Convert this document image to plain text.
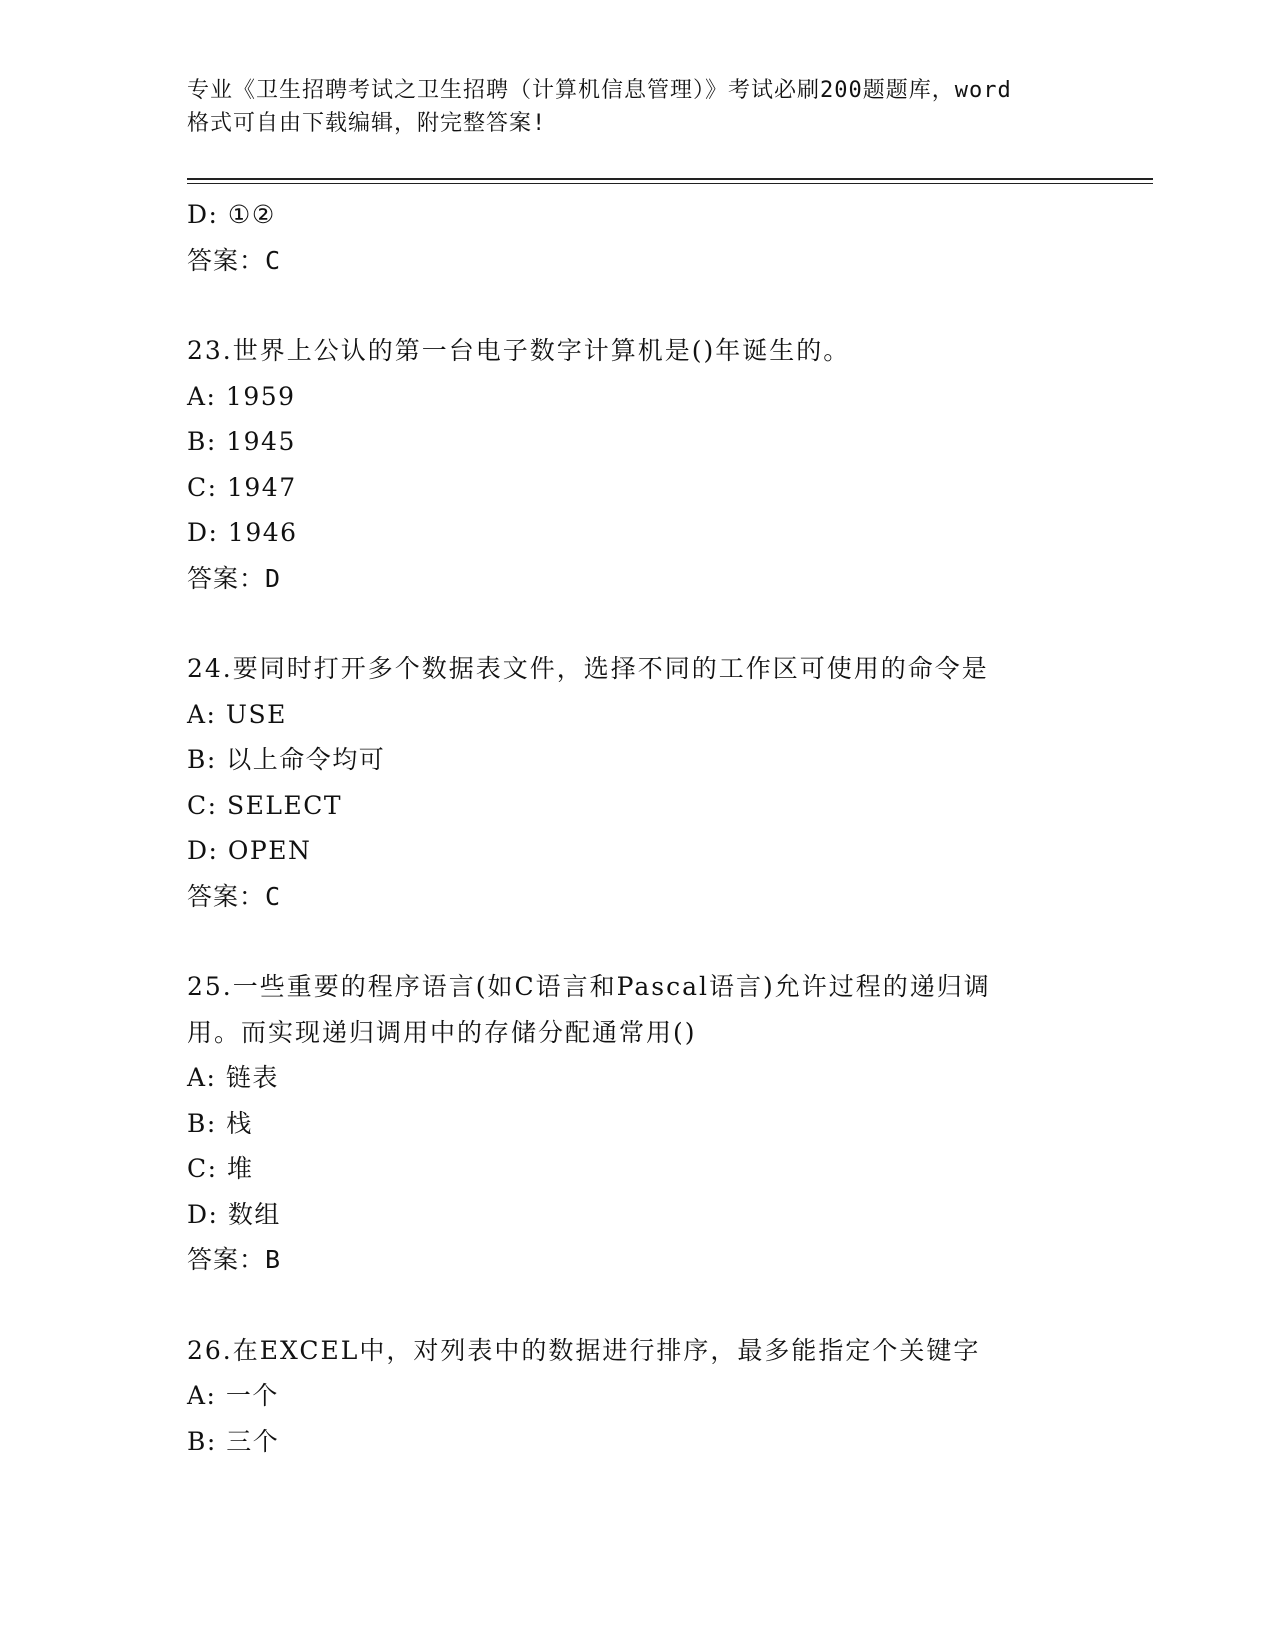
专业《卫生招聘考试之卫生招聘（计算机信息管理）》考试必刷200题题库，word
格式可自由下载编辑，附完整答案!
D: ①②
答案：C
23.世界上公认的第一台电子数字计算机是()年诞生的。
A: 1959
B: 1945
C: 1947
D: 1946
答案：D
24.要同时打开多个数据表文件，选择不同的工作区可使用的命令是
A: USE
B: 以上命令均可
C: SELECT
D: OPEN
答案：C
25.一些重要的程序语言(如C语言和Pascal语言)允许过程的递归调
用。而实现递归调用中的存储分配通常用()
A: 链表
B: 栈
C: 堆
D: 数组
答案：B
26.在EXCEL中，对列表中的数据进行排序，最多能指定个关键字
A: 一个
B: 三个
